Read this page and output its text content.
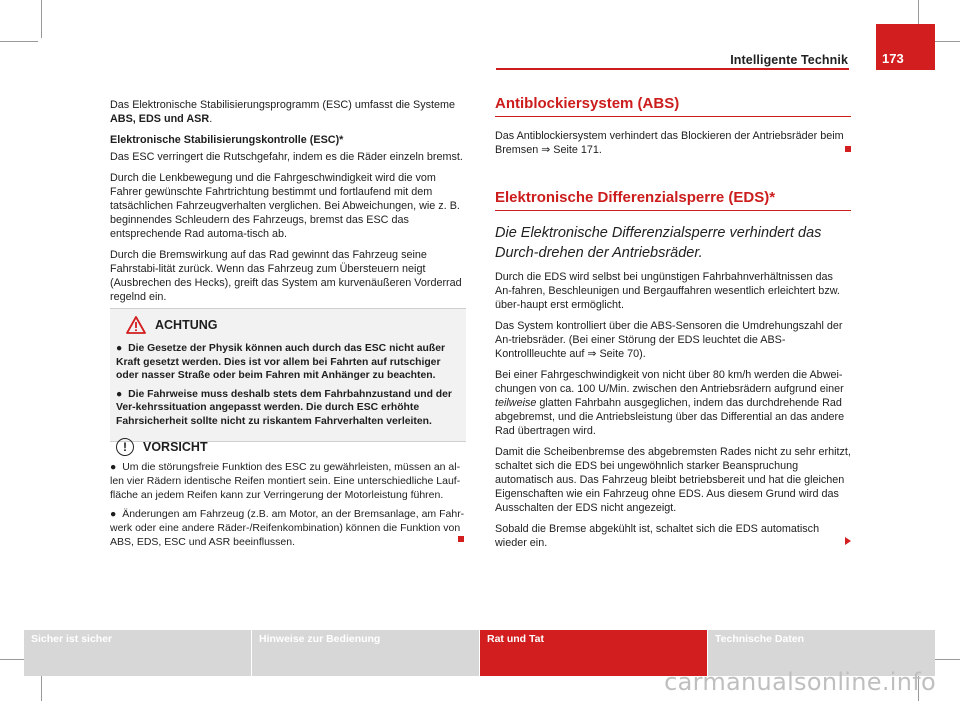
Intelligente Technik	173

Das Elektronische Stabilisierungsprogramm (ESC) umfasst die Systeme
ABS, EDS und ASR.

Elektronische Stabilisierungskontrolle (ESC)*

Das ESC verringert die Rutschgefahr, indem es die Räder einzeln bremst.

Durch die Lenkbewegung und die Fahrgeschwindigkeit wird die vom Fahrer gewünschte Fahrtrichtung bestimmt und fortlaufend mit dem tatsächlichen Fahrzeugverhalten verglichen. Bei Abweichungen, wie z. B. beginnendes Schleudern des Fahrzeugs, bremst das ESC das entsprechende Rad automa-tisch ab.

Durch die Bremswirkung auf das Rad gewinnt das Fahrzeug seine Fahrstabi-lität zurück. Wenn das Fahrzeug zum Übersteuern neigt (Ausbrechen des Hecks), greift das System am kurvenäußeren Vorderrad regelnd ein.

ACHTUNG

●  Die Gesetze der Physik können auch durch das ESC nicht außer Kraft gesetzt werden. Dies ist vor allem bei Fahrten auf rutschiger oder nasser Straße oder beim Fahren mit Anhänger zu beachten.

●  Die Fahrweise muss deshalb stets dem Fahrbahnzustand und der Ver-kehrssituation angepasst werden. Die durch ESC erhöhte Fahrsicherheit sollte nicht zu riskantem Fahrverhalten verleiten.

!	VORSICHT

●  Um die störungsfreie Funktion des ESC zu gewährleisten, müssen an al-len vier Rädern identische Reifen montiert sein. Eine unterschiedliche Lauf-fläche an jedem Reifen kann zur Verringerung der Motorleistung führen.

●  Änderungen am Fahrzeug (z.B. am Motor, an der Bremsanlage, am Fahr-werk oder eine andere Räder-/Reifenkombination) können die Funktion von ABS, EDS, ESC und ASR beeinflussen.

Antiblockiersystem (ABS)

Das Antiblockiersystem verhindert das Blockieren der Antriebsräder beim Bremsen ⇒ Seite 171.

Elektronische Differenzialsperre (EDS)*

Die Elektronische Differenzialsperre verhindert das Durch-drehen der Antriebsräder.

Durch die EDS wird selbst bei ungünstigen Fahrbahnverhältnissen das An-fahren, Beschleunigen und Bergauffahren wesentlich erleichtert bzw. über-haupt erst ermöglicht.

Das System kontrolliert über die ABS-Sensoren die Umdrehungszahl der An-triebsräder. (Bei einer Störung der EDS leuchtet die ABS-Kontrollleuchte auf ⇒ Seite 70).

Bei einer Fahrgeschwindigkeit von nicht über 80 km/h werden die Abwei-chungen von ca. 100 U/Min. zwischen den Antriebsrädern aufgrund einer teilweise glatten Fahrbahn ausgeglichen, indem das durchdrehende Rad abgebremst, und die Antriebsleistung über das Differential an das andere Rad übertragen wird.

Damit die Scheibenbremse des abgebremsten Rades nicht zu sehr erhitzt, schaltet sich die EDS bei ungewöhnlich starker Beanspruchung automatisch aus. Das Fahrzeug bleibt betriebsbereit und hat die gleichen Eigenschaften wie ein Fahrzeug ohne EDS. Aus diesem Grund wird das Ausschalten der EDS nicht angezeigt.

Sobald die Bremse abgekühlt ist, schaltet sich die EDS automatisch wieder ein.

Sicher ist sicher	Hinweise zur Bedienung	Rat und Tat	Technische Daten
carmanualsonline.info
